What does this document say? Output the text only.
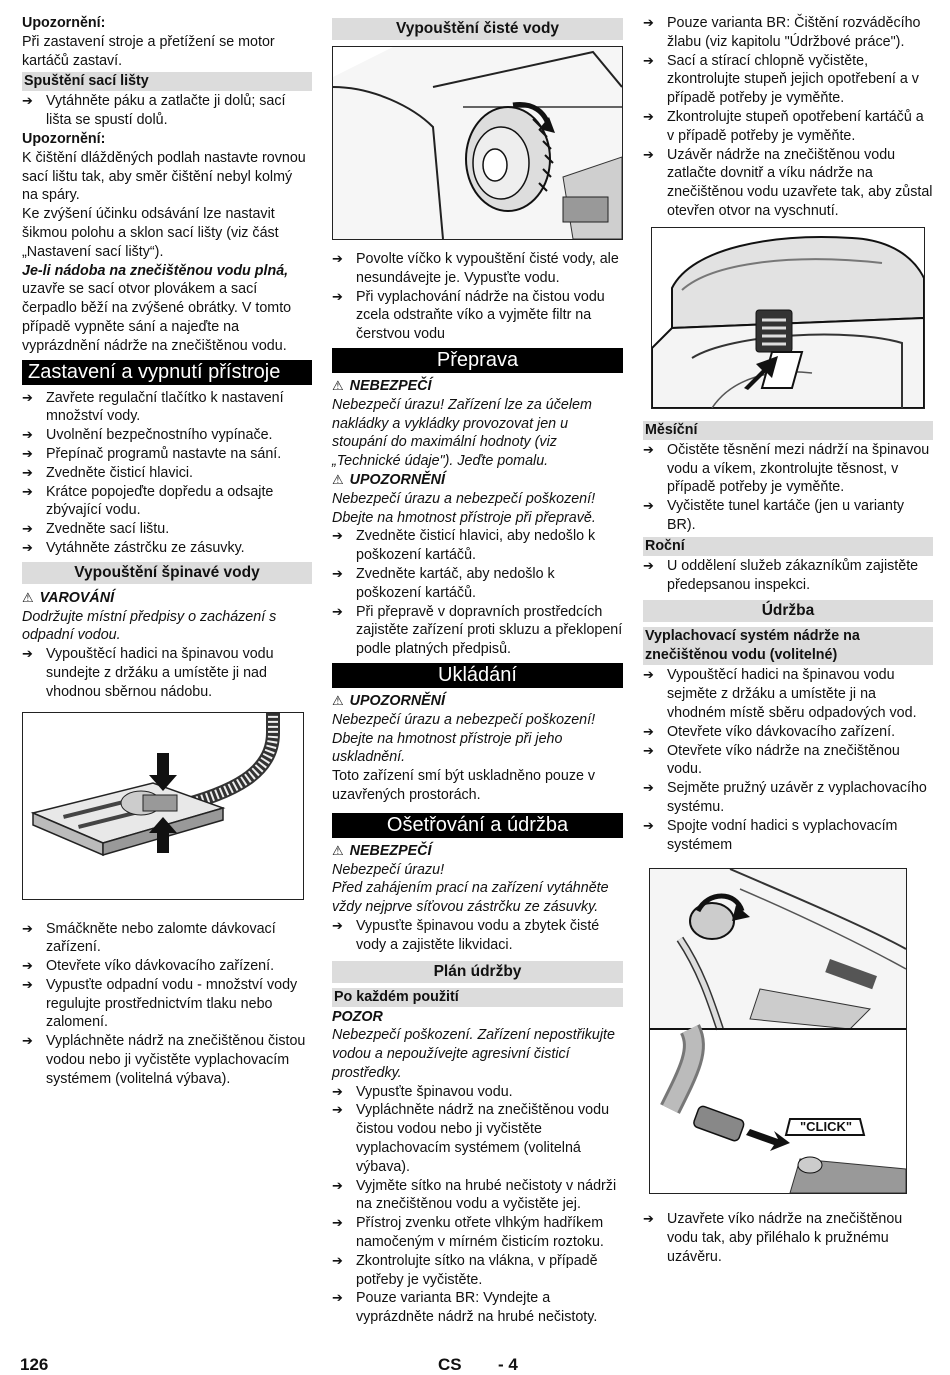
Upozornění:

Při zastavení stroje a přetížení se motor kartáčů zastaví.

Spuštění sací lišty
➔ Vytáhněte páku a zatlačte ji dolů; sací lišta se spustí dolů.

Upozornění:

K čištění dlážděných podlah nastavte rovnou sací lištu tak, aby směr čištění nebyl kolmý na spáry.

Ke zvýšení účinku odsávání lze nastavit šikmou polohu a sklon sací lišty (viz část „Nastavení sací lišty“).

Je-li nádoba na znečištěnou vodu plná, uzavře se sací otvor plovákem a sací čerpadlo běží na zvýšené obrátky. V tomto případě vypněte sání a najeďte na vyprázdnění nádrže na znečištěnou vodu.

Zastavení a vypnutí přístroje
➔ Zavřete regulační tlačítko k nastavení množství vody.
➔ Uvolnění bezpečnostního vypínače.
➔ Přepínač programů nastavte na sání.
➔ Zvedněte čisticí hlavici.
➔ Krátce popojeďte dopředu a odsajte zbývající vodu.
➔ Zvedněte sací lištu.
➔ Vytáhněte zástrčku ze zásuvky.
Vypouštění špinavé vody

⚠ VAROVÁNÍ

Dodržujte místní předpisy o zacházení s odpadní vodou.

➔ Vypouštěcí hadici na špinavou vodu sundejte z držáku a umístěte ji nad vhodnou sběrnou nádobu.
➔ Smáčkněte nebo zalomte dávkovací zařízení.
➔ Otevřete víko dávkovacího zařízení.
➔ Vypusťte odpadní vodu - množství vody regulujte prostřednictvím tlaku nebo zalomení.
➔ Vypláchněte nádrž na znečištěnou čistou vodou nebo ji vyčistěte vyplachovacím systémem (volitelná výbava).
Vypouštění čisté vody
➔ Povolte víčko k vypouštění čisté vody, ale nesundávejte je. Vypusťte vodu.
➔ Při vyplachování nádrže na čistou vodu zcela odstraňte víko a vyjměte filtr na čerstvou vodu
Přeprava

⚠ NEBEZPEČÍ

Nebezpečí úrazu! Zařízení lze za účelem nakládky a vykládky provozovat jen u stoupání do maximální hodnoty (viz „Technické údaje"). Jeďte pomalu.

⚠ UPOZORNĚNÍ

Nebezpečí úrazu a nebezpečí poškození! Dbejte na hmotnost přístroje při přepravě.

➔ Zvedněte čisticí hlavici, aby nedošlo k poškození kartáčů.
➔ Zvedněte kartáč, aby nedošlo k poškození kartáčů.
➔ Při přepravě v dopravních prostředcích zajistěte zařízení proti skluzu a překlopení podle platných předpisů.
Ukládání

⚠ UPOZORNĚNÍ

Nebezpečí úrazu a nebezpečí poškození! Dbejte na hmotnost přístroje při jeho uskladnění.

Toto zařízení smí být uskladněno pouze v uzavřených prostorách.

Ošetřování a údržba

⚠ NEBEZPEČÍ

Nebezpečí úrazu!

Před zahájením prací na zařízení vytáhněte vždy nejprve síťovou zástrčku ze zásuvky.

➔ Vypusťte špinavou vodu a zbytek čisté vody a zajistěte likvidaci.
Plán údržby
Po každém použití

POZOR

Nebezpečí poškození. Zařízení nepostřikujte vodou a nepoužívejte agresivní čisticí prostředky.

➔ Vypusťte špinavou vodu.
➔ Vypláchněte nádrž na znečištěnou vodu čistou vodou nebo ji vyčistěte vyplachovacím systémem (volitelná výbava).
➔ Vyjměte sítko na hrubé nečistoty v nádrži na znečištěnou vodu a vyčistěte jej.
➔ Přístroj zvenku otřete vlhkým hadříkem namočeným v mírném čisticím roztoku.
➔ Zkontrolujte sítko na vlákna, v případě potřeby je vyčistěte.
➔ Pouze varianta BR: Vyndejte a vyprázdněte nádrž na hrubé nečistoty.
➔ Pouze varianta BR: Čištění rozváděcího žlabu (viz kapitolu "Údržbové práce").
➔ Sací a stírací chlopně vyčistěte, zkontrolujte stupeň jejich opotřebení a v případě potřeby je vyměňte.
➔ Zkontrolujte stupeň opotřebení kartáčů a v případě potřeby je vyměňte.
➔ Uzávěr nádrže na znečištěnou vodu zatlačte dovnitř a víku nádrže na znečištěnou vodu uzavřete tak, aby zůstal otevřen otvor na vyschnutí.
Měsíční
➔ Očistěte těsnění mezi nádrží na špinavou vodu a víkem, zkontrolujte těsnost, v případě potřeby je vyměňte.
➔ Vyčistěte tunel kartáče (jen u varianty BR).
Roční
➔ U oddělení služeb zákazníkům zajistěte předepsanou inspekci.
Údržba
Vyplachovací systém nádrže na znečištěnou vodu (volitelné)
➔ Vypouštěcí hadici na špinavou vodu sejměte z držáku a umístěte ji na vhodném místě sběru odpadových vod.
➔ Otevřete víko dávkovacího zařízení.
➔ Otevřete víko nádrže na znečištěnou vodu.
➔ Sejměte pružný uzávěr z vyplachovacího systému.
➔ Spojte vodní hadici s vyplachovacím systémem
"CLICK"
➔ Uzavřete víko nádrže na znečištěnou vodu tak, aby přiléhalo k pružnému uzávěru.
126	CS - 4
